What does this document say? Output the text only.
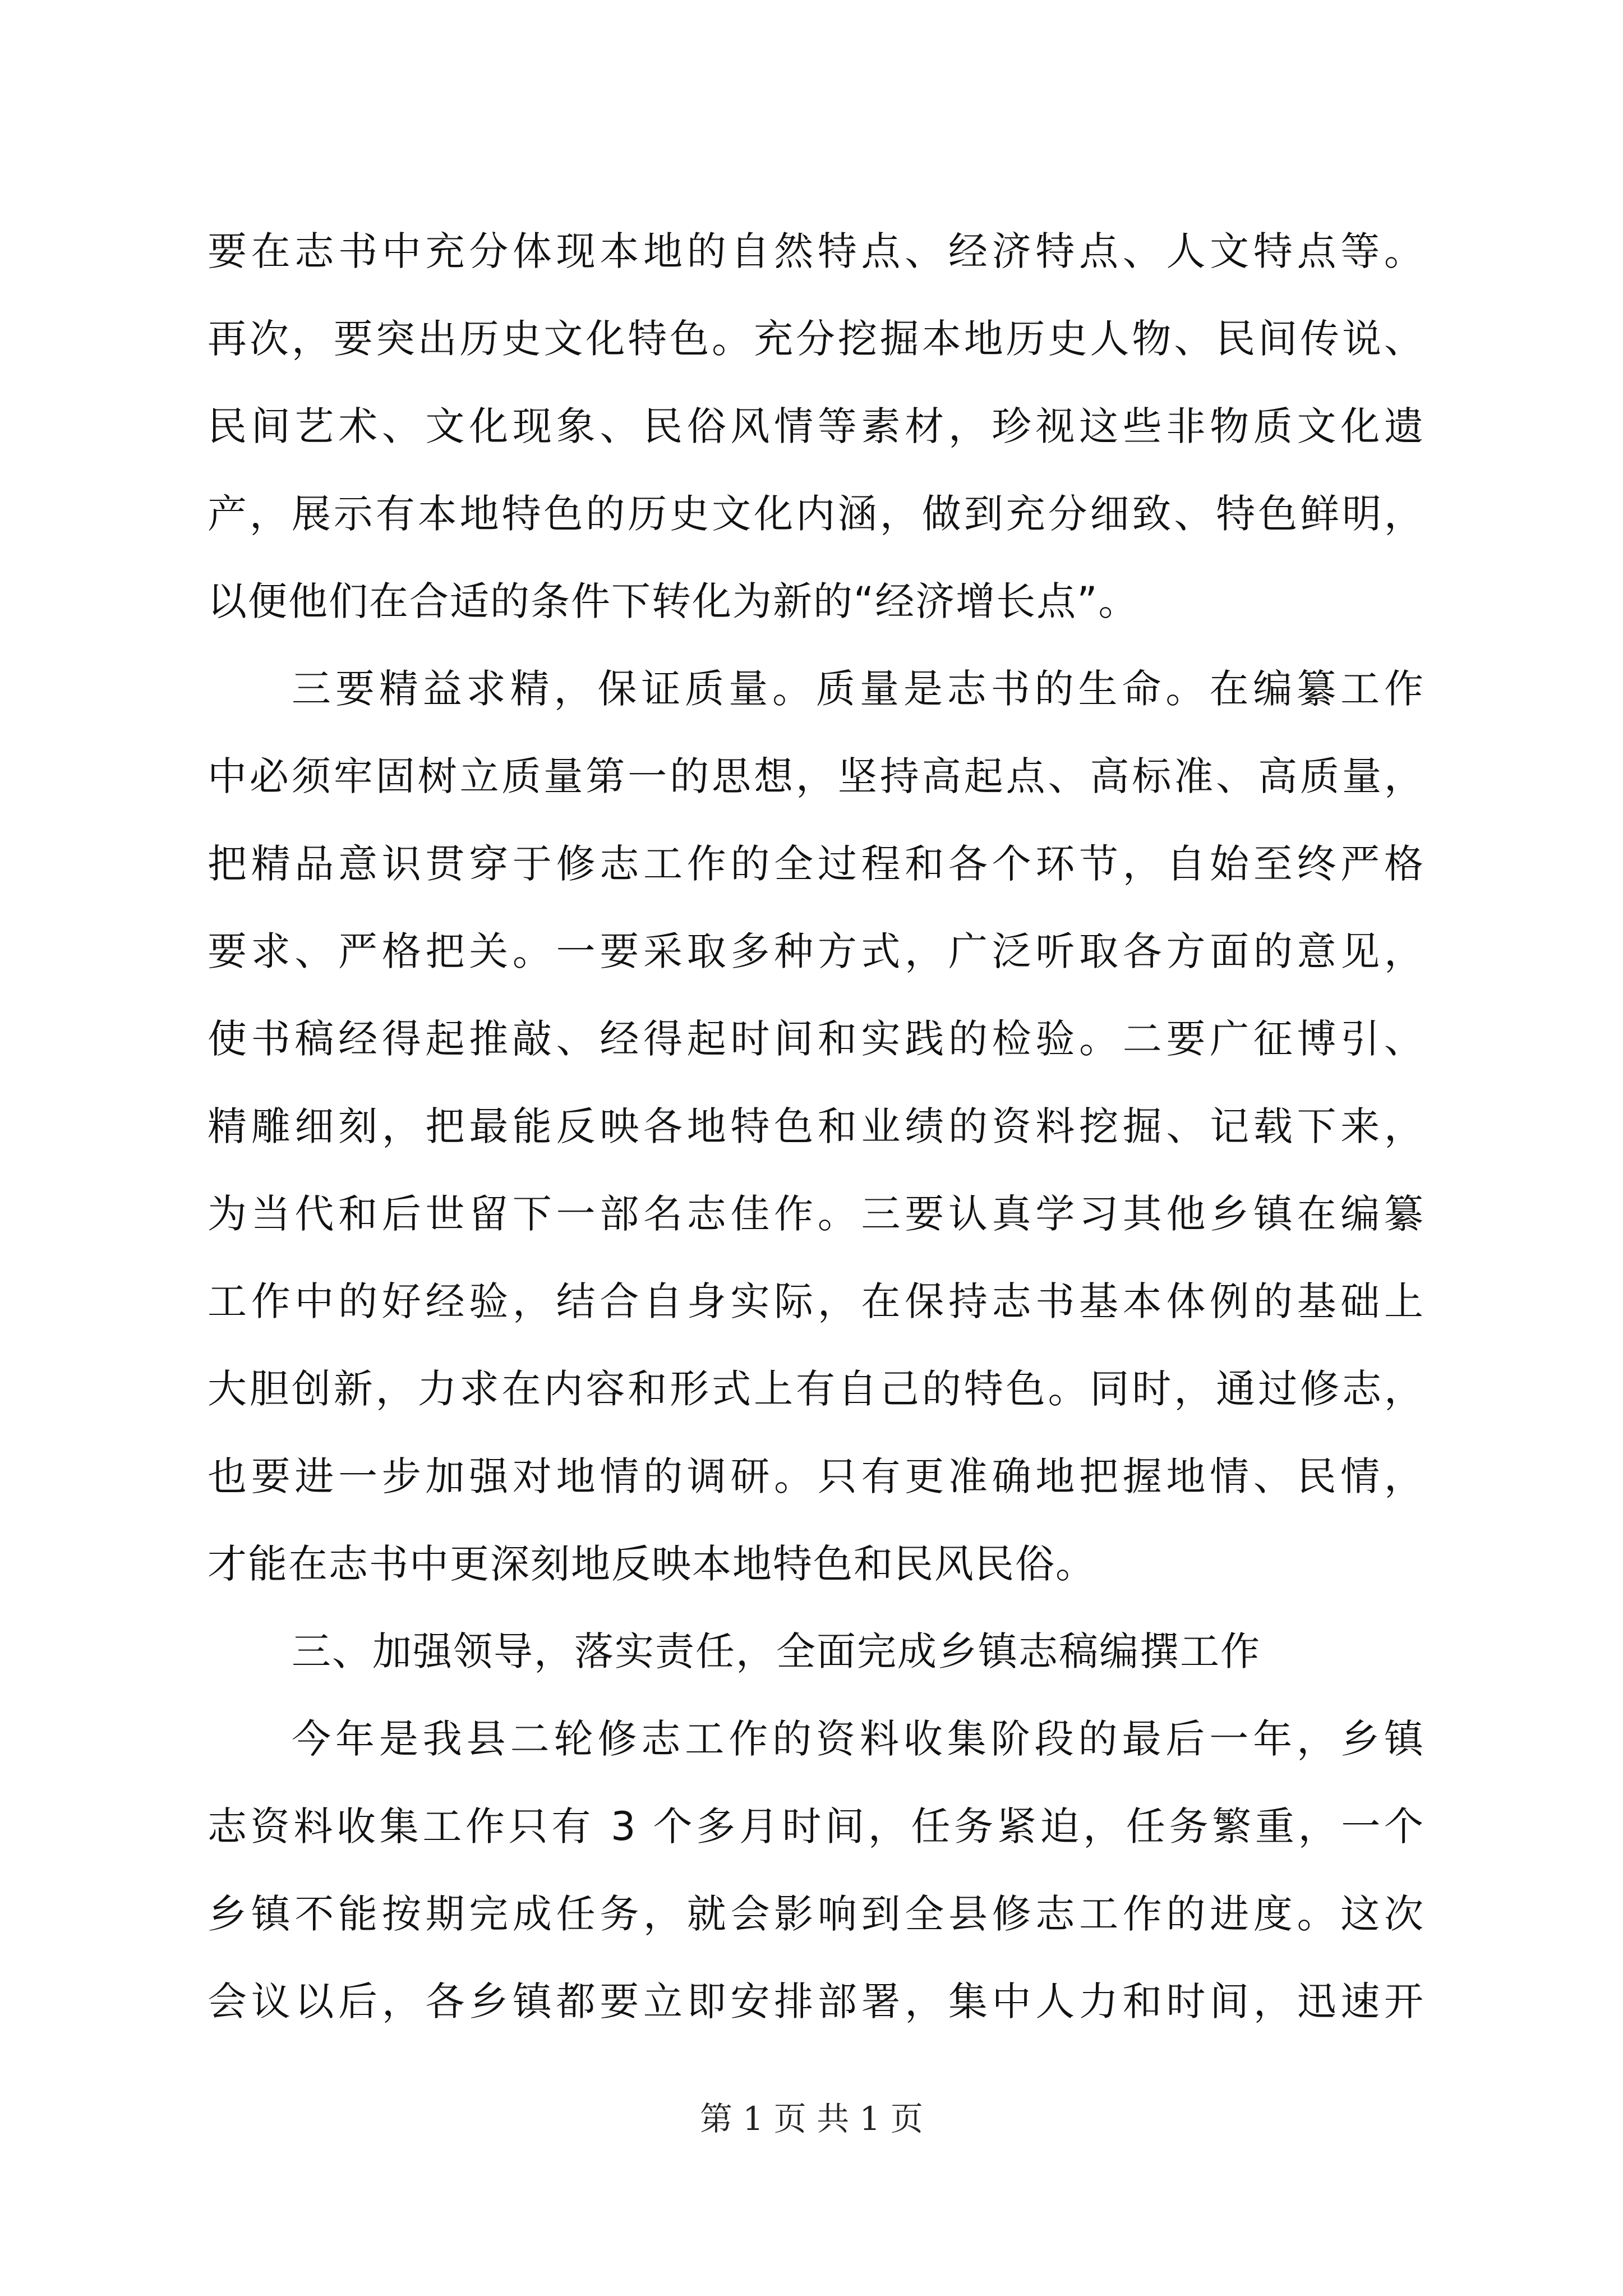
要在志书中充分体现本地的自然特点、经济特点、人文特点等。
再次，要突出历史文化特色。充分挖掘本地历史人物、民间传说、
民间艺术、文化现象、民俗风情等素材，珍视这些非物质文化遗
产，展示有本地特色的历史文化内涵，做到充分细致、特色鲜明，
以便他们在合适的条件下转化为新的“经济增长点”。
三要精益求精，保证质量。质量是志书的生命。在编纂工作
中必须牢固树立质量第一的思想，坚持高起点、高标准、高质量，
把精品意识贯穿于修志工作的全过程和各个环节，自始至终严格
要求、严格把关。一要采取多种方式，广泛听取各方面的意见，
使书稿经得起推敲、经得起时间和实践的检验。二要广征博引、
精雕细刻，把最能反映各地特色和业绩的资料挖掘、记载下来，
为当代和后世留下一部名志佳作。三要认真学习其他乡镇在编纂
工作中的好经验，结合自身实际，在保持志书基本体例的基础上
大胆创新，力求在内容和形式上有自己的特色。同时，通过修志，
也要进一步加强对地情的调研。只有更准确地把握地情、民情，
才能在志书中更深刻地反映本地特色和民风民俗。
三、加强领导，落实责任，全面完成乡镇志稿编撰工作
今年是我县二轮修志工作的资料收集阶段的最后一年，乡镇
志资料收集工作只有 3 个多月时间，任务紧迫，任务繁重，一个
乡镇不能按期完成任务，就会影响到全县修志工作的进度。这次
会议以后，各乡镇都要立即安排部署，集中人力和时间，迅速开
第 1 页 共 1 页
